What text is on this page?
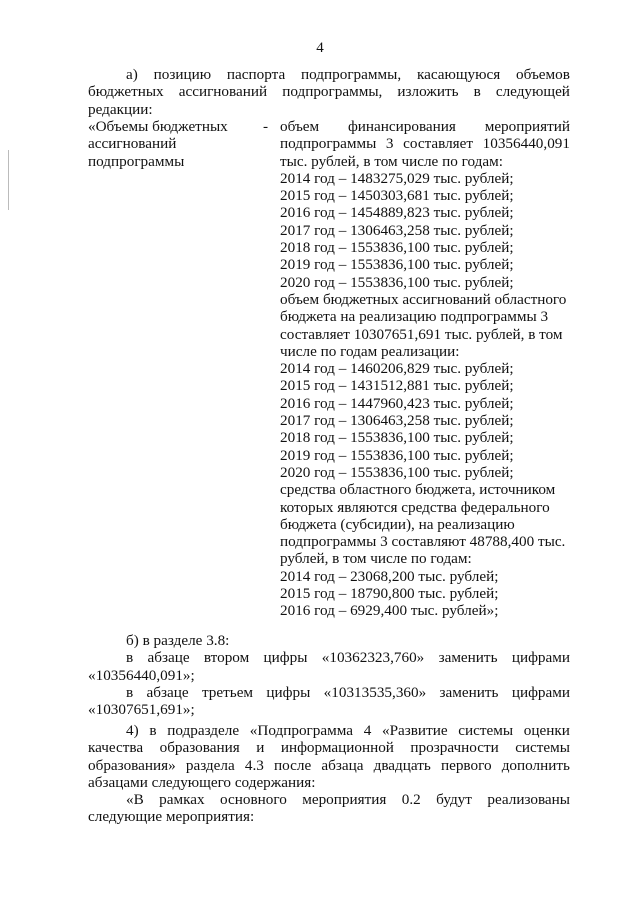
4
а) позицию паспорта подпрограммы, касающуюся объемов
бюджетных ассигнований подпрограммы, изложить в следующей
редакции:
«Объемы бюджетных
ассигнований
подпрограммы
- объем финансирования мероприятий
подпрограммы 3 составляет 10356440,091
тыс. рублей, в том числе по годам:
2014 год – 1483275,029 тыс. рублей;
2015 год – 1450303,681 тыс. рублей;
2016 год – 1454889,823 тыс. рублей;
2017 год – 1306463,258 тыс. рублей;
2018 год – 1553836,100 тыс. рублей;
2019 год – 1553836,100 тыс. рублей;
2020 год – 1553836,100 тыс. рублей;
объем бюджетных ассигнований областного
бюджета на реализацию подпрограммы 3
составляет 10307651,691 тыс. рублей, в том
числе по годам реализации:
2014 год – 1460206,829 тыс. рублей;
2015 год – 1431512,881 тыс. рублей;
2016 год – 1447960,423 тыс. рублей;
2017 год – 1306463,258 тыс. рублей;
2018 год – 1553836,100 тыс. рублей;
2019 год – 1553836,100 тыс. рублей;
2020 год – 1553836,100 тыс. рублей;
средства областного бюджета, источником
которых являются средства федерального
бюджета (субсидии), на реализацию
подпрограммы 3 составляют 48788,400 тыс.
рублей, в том числе по годам:
2014 год – 23068,200 тыс. рублей;
2015 год – 18790,800 тыс. рублей;
2016 год – 6929,400 тыс. рублей»;
б) в разделе 3.8:
в абзаце втором цифры «10362323,760» заменить цифрами
«10356440,091»;
в абзаце третьем цифры «10313535,360» заменить цифрами
«10307651,691»;
4) в подразделе «Подпрограмма 4 «Развитие системы оценки
качества образования и информационной прозрачности системы
образования» раздела 4.3 после абзаца двадцать первого дополнить
абзацами следующего содержания:
«В рамках основного мероприятия 0.2 будут реализованы
следующие мероприятия:
